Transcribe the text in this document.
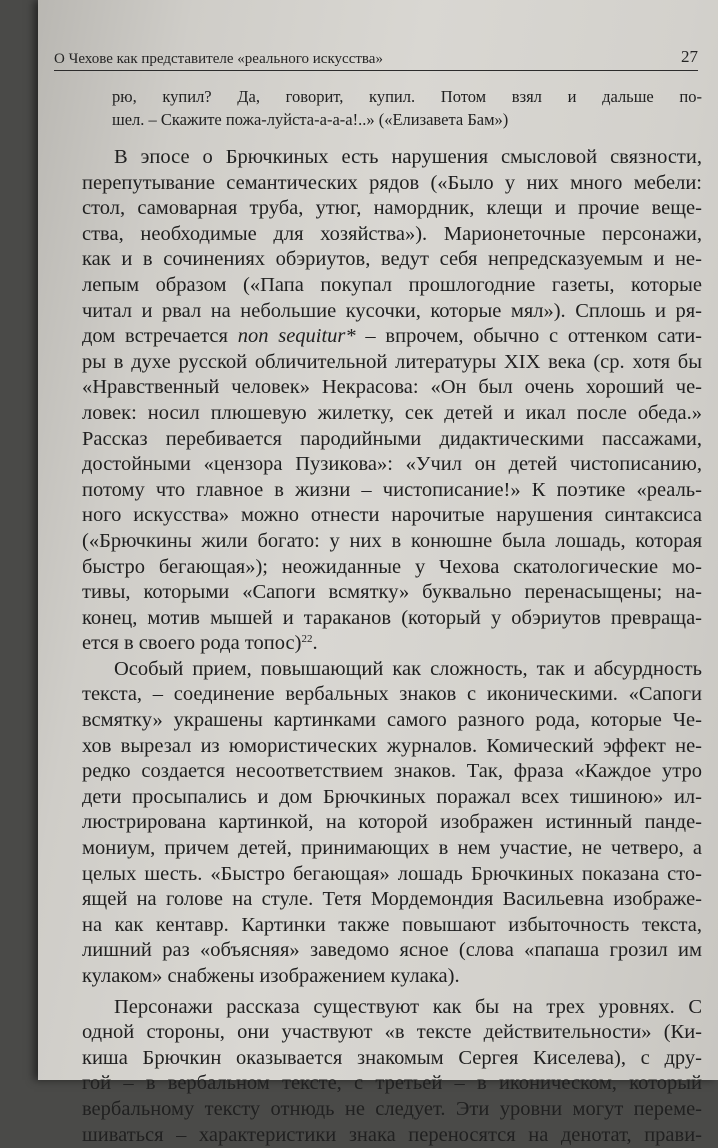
О Чехове как представителе «реального искусства»	27
рю, купил? Да, говорит, купил. Потом взял и дальше по-
шел. – Скажите пожа-луйста-а-а-а!..» («Елизавета Бам»)
В эпосе о Брючкиных есть нарушения смысловой связности,
перепутывание семантических рядов («Было у них много мебели:
стол, самоварная труба, утюг, намордник, клещи и прочие веще-
ства, необходимые для хозяйства»). Марионеточные персонажи,
как и в сочинениях обэриутов, ведут себя непредсказуемым и не-
лепым образом («Папа покупал прошлогодние газеты, которые
читал и рвал на небольшие кусочки, которые мял»). Сплошь и ря-
дом встречается non sequitur* – впрочем, обычно с оттенком сати-
ры в духе русской обличительной литературы XIX века (ср. хотя бы
«Нравственный человек» Некрасова: «Он был очень хороший че-
ловек: носил плюшевую жилетку, сек детей и икал после обеда.»
Рассказ перебивается пародийными дидактическими пассажами,
достойными «цензора Пузикова»: «Учил он детей чистописанию,
потому что главное в жизни – чистописание!» К поэтике «реаль-
ного искусства» можно отнести нарочитые нарушения синтаксиса
(«Брючкины жили богато: у них в конюшне была лошадь, которая
быстро бегающая»); неожиданные у Чехова скатологические мо-
тивы, которыми «Сапоги всмятку» буквально перенасыщены; на-
конец, мотив мышей и тараканов (который у обэриутов превраща-
ется в своего рода топос)$^{22}$.
Особый прием, повышающий как сложность, так и абсурдность
текста, – соединение вербальных знаков с иконическими. «Сапоги
всмятку» украшены картинками самого разного рода, которые Че-
хов вырезал из юмористических журналов. Комический эффект не-
редко создается несоответствием знаков. Так, фраза «Каждое утро
дети просыпались и дом Брючкиных поражал всех тишиною» ил-
люстрирована картинкой, на которой изображен истинный панде-
мониум, причем детей, принимающих в нем участие, не четверо, а
целых шесть. «Быстро бегающая» лошадь Брючкиных показана сто-
ящей на голове на стуле. Тетя Мордемондия Васильевна изображе-
на как кентавр. Картинки также повышают избыточность текста,
лишний раз «объясняя» заведомо ясное (слова «папаша грозил им
кулаком» снабжены изображением кулака).
Персонажи рассказа существуют как бы на трех уровнях. С
одной стороны, они участвуют «в тексте действительности» (Ки-
киша Брючкин оказывается знакомым Сергея Киселева), с дру-
гой – в вербальном тексте, с третьей – в иконическом, который
вербальному тексту отнюдь не следует. Эти уровни могут переме-
шиваться – характеристики знака переносятся на денотат, прави-
